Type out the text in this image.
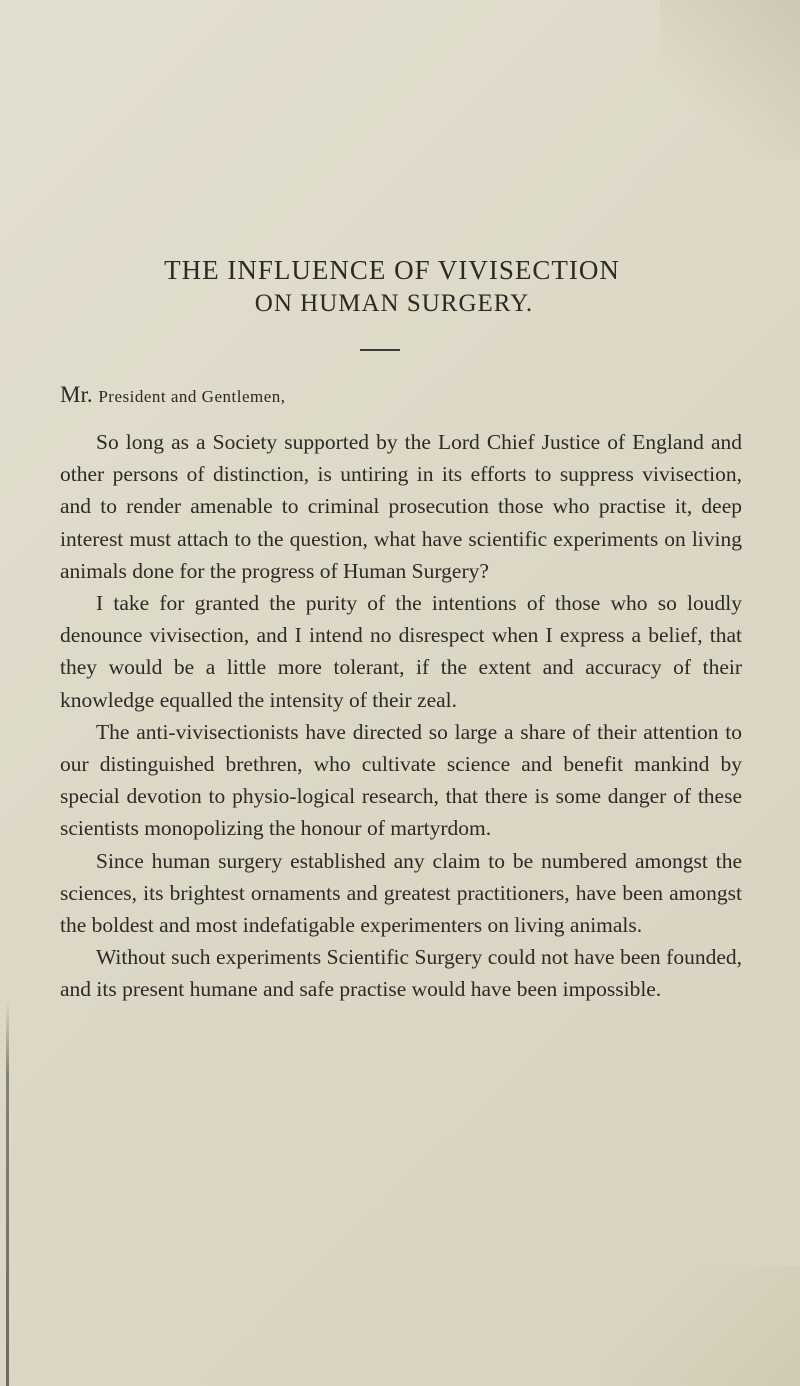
THE INFLUENCE OF VIVISECTION
ON HUMAN SURGERY.

Mr. President and Gentlemen,

So long as a Society supported by the Lord Chief Justice of England and other persons of distinction, is untiring in its efforts to suppress vivisection, and to render amenable to criminal prosecution those who practise it, deep interest must attach to the question, what have scientific experiments on living animals done for the progress of Human Surgery?

I take for granted the purity of the intentions of those who so loudly denounce vivisection, and I intend no disrespect when I express a belief, that they would be a little more tolerant, if the extent and accuracy of their knowledge equalled the intensity of their zeal.

The anti-vivisectionists have directed so large a share of their attention to our distinguished brethren, who cultivate science and benefit mankind by special devotion to physio-logical research, that there is some danger of these scientists monopolizing the honour of martyrdom.

Since human surgery established any claim to be numbered amongst the sciences, its brightest ornaments and greatest practitioners, have been amongst the boldest and most indefatigable experimenters on living animals.

Without such experiments Scientific Surgery could not have been founded, and its present humane and safe practise would have been impossible.
